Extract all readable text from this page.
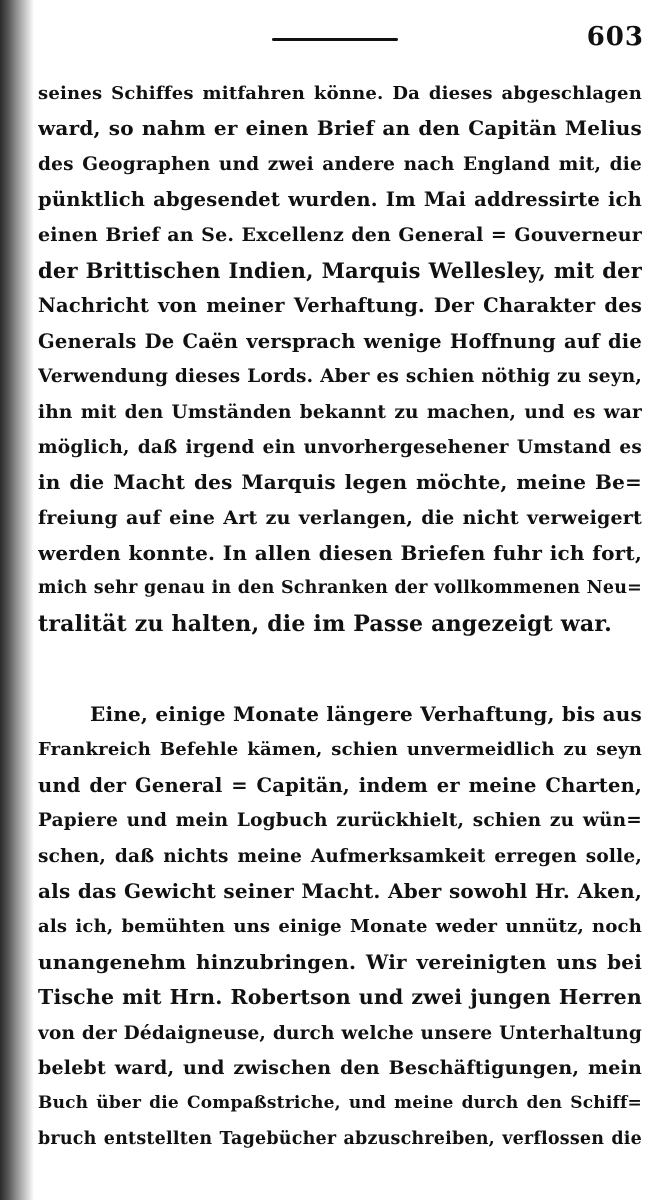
603
seines Schiffes mitfahren könne. Da dieses abgeschlagen
ward, so nahm er einen Brief an den Capitän Melius
des Geographen und zwei andere nach England mit, die
pünktlich abgesendet wurden. Im Mai addressirte ich
einen Brief an Se. Excellenz den General = Gouverneur
der Brittischen Indien, Marquis Wellesley, mit der
Nachricht von meiner Verhaftung. Der Charakter des
Generals De Caën versprach wenige Hoffnung auf die
Verwendung dieses Lords. Aber es schien nöthig zu seyn,
ihn mit den Umständen bekannt zu machen, und es war
möglich, daß irgend ein unvorhergesehener Umstand es
in die Macht des Marquis legen möchte, meine Be=
freiung auf eine Art zu verlangen, die nicht verweigert
werden konnte. In allen diesen Briefen fuhr ich fort,
mich sehr genau in den Schranken der vollkommenen Neu=
tralität zu halten, die im Passe angezeigt war.
Eine, einige Monate längere Verhaftung, bis aus
Frankreich Befehle kämen, schien unvermeidlich zu seyn
und der General = Capitän, indem er meine Charten,
Papiere und mein Logbuch zurückhielt, schien zu wün=
schen, daß nichts meine Aufmerksamkeit erregen solle,
als das Gewicht seiner Macht. Aber sowohl Hr. Aken,
als ich, bemühten uns einige Monate weder unnütz, noch
unangenehm hinzubringen. Wir vereinigten uns bei
Tische mit Hrn. Robertson und zwei jungen Herren
von der Dédaigneuse, durch welche unsere Unterhaltung
belebt ward, und zwischen den Beschäftigungen, mein
Buch über die Compaßstriche, und meine durch den Schiff=
bruch entstellten Tagebücher abzuschreiben, verflossen die
